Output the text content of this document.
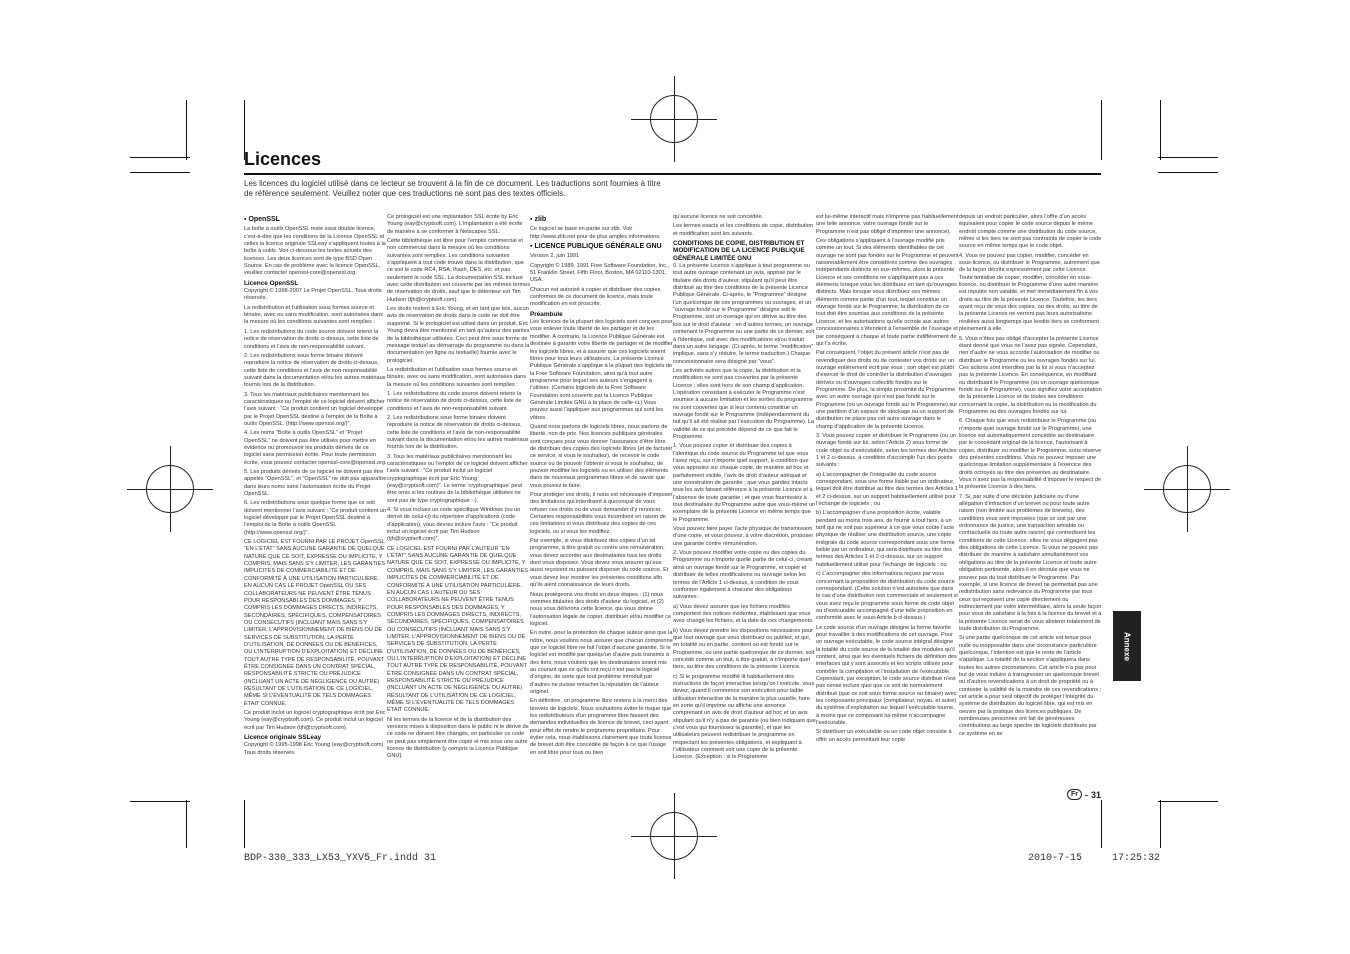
Licences

Les licences du logiciel utilisé dans ce lecteur se trouvent à la fin de ce document. Les traductions sont fournies à titre de référence seulement. Veuillez noter que ces traductions ne sont pas des textes officiels.

▪ OpenSSL

La boîte à outils OpenSSL reste sous double licence, c’est-à-dire que les conditions de la Licence OpenSSL et celles la licence originale SSLeay s’appliquent toutes à la boîte à outils. Voir ci-dessous les textes actuels des licences. Les deux licences sont de type BSD Open Source. En cas de problème avec la licence OpenSSL, veuillez contacter openssl-core@openssl.org.

Licence OpenSSL

Copyright © 1998-2007 Le Projet OpenSSL. Tous droits réservés.

La redistribution et l’utilisation sous formes source et binaire, avec ou sans modification, sont autorisées dans la mesure où les conditions suivantes sont remplies :

1. Les redistributions du code source doivent retenir la notice de réservation de droits ci-dessus, cette liste de conditions et l’avis de non-responsabilité suivant.

2. Les redistributions sous forme binaire doivent reproduire la notice de réservation de droits ci-dessus, cette liste de conditions et l’avis de non-responsabilité suivant dans la documentation et/ou les autres matériaux fournis lors de la distribution.

3. Tous les matériaux publicitaires mentionnant les caractéristiques ou l’emploi de ce logiciel doivent afficher l’avis suivant : “Ce produit contient un logiciel développé par le Projet OpenSSL destiné à l’emploi de la Boîte à outils OpenSSL. (http://www.openssl.org/)”.

4. Les noms “Boîte à outils OpenSSL” et “Projet OpenSSL” ne doivent pas être utilisés pour mettre en évidence ou promouvoir les produits dérivés de ce logiciel sans permission écrite. Pour toute permission écrite, vous pouvez contacter openssl-core@openssl.org.

5. Les produits dérivés de ce logiciel ne doivent pas être appelés “OpenSSL”, et “OpenSSL” ne doit pas apparaître dans leurs noms sans l’autorisation écrite du Projet OpenSSL.

6. Les redistributions sous quelque forme que ce soit doivent mentionner l’avis suivant : “Ce produit contient un logiciel développé par le Projet OpenSSL destiné à l’emploi de la Boîte à outils OpenSSL (http://www.openssl.org/)”.

CE LOGICIEL EST FOURNI PAR LE PROJET OpenSSL “EN L’ETAT” SANS AUCUNE GARANTIE DE QUELQUE NATURE QUE CE SOIT, EXPRESSE OU IMPLICITE, Y COMPRIS, MAIS SANS S’Y LIMITER, LES GARANTIES IMPLICITES DE COMMERCIABILITÉ ET DE CONFORMITÉ À UNE UTILISATION PARTICULIÈRE. EN AUCUN CAS LE PROJET OpenSSL OU SES COLLABORATEURS NE PEUVENT ÊTRE TENUS POUR RESPONSABLES DES DOMMAGES, Y COMPRIS LES DOMMAGES DIRECTS, INDIRECTS, SECONDAIRES, SPÉCIFIQUES, COMPENSATOIRES OU CONSÉCUTIFS (INCLUANT MAIS SANS S’Y LIMITER, L’APPROVISIONNEMENT DE BIENS OU DE SERVICES DE SUBSTITUTION, LA PERTE D’UTILISATION, DE DONNÉES OU DE BÉNÉFICES, OU L’INTERRUPTION D’EXPLOITATION) ET DÉCLINE TOUT AUTRE TYPE DE RESPONSABILITÉ, POUVANT ÊTRE CONSIGNÉE DANS UN CONTRAT SPÉCIAL, RESPONSABILITÉ STRICTE OU PRÉJUDICE (INCLUANT UN ACTE DE NÉGLIGENCE OU AUTRE) RÉSULTANT DE L’UTILISATION DE CE LOGICIEL, MÊME SI L’ÉVENTUALITÉ DE TELS DOMMAGES ÉTAIT CONNUE.

Ce produit inclut un logiciel cryptographique écrit par Eric Young (eay@cryptsoft.com). Ce produit inclut un logiciel écrit par Tim Hudson (tjh@cryptsoft.com).

Licence originale SSLeay

Copyright © 1995-1998 Eric Young (eay@cryptsoft.com) Tous droits réservés.

Ce prologiciel est une implantation SSL écrite by Eric Young (eay@cryptsoft.com). L’implantation a été écrite de manière à se conformer à Netscapes SSL.

Cette bibliothèque est libre pour l’emploi commercial et non commercial dans la mesure où les conditions suivantes sont remplies. Les conditions suivantes s’appliquent à tout code trouvé dans la distribution, que ce soit le code RC4, RSA, lhash, DES, etc. et pas seulement le code SSL. La documentation SSL incluse avec cette distribution est couverte par les mêmes termes de réservation de droits, sauf que le détenteur est Tim Hudson (tjh@cryptsoft.com).

Les droits restent à Eric Young, et en tant que tels, aucun avis de réservation de droits dans le code ne doit être supprimé. Si le prologiciel est utilisé dans un produit, Eric Young devra être mentionné en tant qu’auteur des parties de la bibliothèque utilisées. Ceci peut être sous forme de message textuel au démarrage du programme ou dans la documentation (en ligne ou textuelle) fournie avec le prologiciel.

La redistribution et l’utilisation sous formes source et binaire, avec ou sans modification, sont autorisées dans la mesure où les conditions suivantes sont remplies :

1. Les redistributions du code source doivent retenir la notice de réservation de droits ci-dessus, cette liste de conditions et l’avis de non-responsabilité suivant.

2. Les redistributions sous forme binaire doivent reproduire la notice de réservation de droits ci-dessus, cette liste de conditions et l’avis de non-responsabilité suivant dans la documentation et/ou les autres matériaux fournis lors de la distribution.

3. Tous les matériaux publicitaires mentionnant les caractéristiques ou l’emploi de ce logiciel doivent afficher l’avis suivant : “Ce produit inclut un logiciel cryptographique écrit par Eric Young (eay@cryptsoft.com)”. Le terme ‘cryptographique’ peut être omis si les routines de la bibliothèque utilisées ne sont pas de type cryptographique :-).

4. Si vous incluez un code spécifique Windows (ou un dérivé de celui-ci) du répertoire d’applications (code d’application), vous devrez inclure l’avis : “Ce produit inclut un logiciel écrit par Tim Hudson (tjh@cryptsoft.com)”.

CE LOGICIEL EST FOURNI PAR L’AUTEUR “EN L’ÉTAT” SANS AUCUNE GARANTIE DE QUELQUE NATURE QUE CE SOIT, EXPRESSE OU IMPLICITE, Y COMPRIS, MAIS SANS S’Y LIMITER, LES GARANTIES IMPLICITES DE COMMERCIABILITÉ ET DE CONFORMITÉ À UNE UTILISATION PARTICULIÈRE. EN AUCUN CAS L’AUTEUR OU SES COLLABORATEURS NE PEUVENT ÊTRE TENUS POUR RESPONSABLES DES DOMMAGES, Y COMPRIS LES DOMMAGES DIRECTS, INDIRECTS, SECONDAIRES, SPÉCIFIQUES, COMPENSATOIRES OU CONSÉCUTIFS (INCLUANT MAIS SANS S’Y LIMITER, L’APPROVISIONNEMENT DE BIENS OU DE SERVICES DE SUBSTITUTION, LA PERTE D’UTILISATION, DE DONNÉES OU DE BÉNÉFICES, OU L’INTERRUPTION D’EXPLOITATION) ET DÉCLINE TOUT AUTRE TYPE DE RESPONSABILITÉ, POUVANT ÊTRE CONSIGNÉE DANS UN CONTRAT SPÉCIAL, RESPONSABILITÉ STRICTE OU PRÉJUDICE (INCLUANT UN ACTE DE NÉGLIGENCE OU AUTRE) RÉSULTANT DE L’UTILISATION DE CE LOGICIEL, MÊME SI L’ÉVENTUALITÉ DE TELS DOMMAGES ÉTAIT CONNUE.

Ni les termes de la licence et de la distribution des versions mises à disposition dans le public ni le dérivé de ce code ne doivent être changés, en particulier ce code ne peut pas simplement être copié et mis sous une autre licence de distribution [y compris la Licence Publique GNU].

▪ zlib

Ce logiciel se base en partie sur zlib. Voir http://www.zlib.net pour de plus amples informations.

▪ LICENCE PUBLIQUE GÉNÉRALE GNU

Version 2, juin 1991

Copyright © 1989, 1991 Free Software Foundation, Inc., 51 Franklin Street, Fifth Floor, Boston, MA 02110-1301, USA.

Chacun est autorisé à copier et distribuer des copies conformes de ce document de licence, mais toute modification en est proscrite.

Préambule

Les licences de la plupart des logiciels sont conçues pour vous enlever toute liberté de les partager et de les modifier. A contrario, la Licence Publique Générale est destinée à garantir votre liberté de partager et de modifier les logiciels libres, et à assurer que ces logiciels soient libres pour tous leurs utilisateurs. La présente Licence Publique Générale s’applique à la plupart des logiciels de la Free Software Foundation, ainsi qu’à tout autre programme pour lequel ses auteurs s’engagent à l’utiliser. (Certains logiciels de la Free Software Foundation sont couverts par la Licence Publique Générale Limitée GNU à la place de celle-ci.) Vous pouvez aussi l’appliquer aux programmes qui sont les vôtres.

Quand nous parlons de logiciels libres, nous parlons de liberté, non de prix. Nos licences publiques générales sont conçues pour vous donner l’assurance d’être libre de distribuer des copies des logiciels libres (et de facturer ce service, si vous le souhaitez), de recevoir le code source ou de pouvoir l’obtenir si vous le souhaitez, de pouvoir modifier les logiciels ou en utiliser des éléments dans de nouveaux programmes libres et de savoir que vous pouvez le faire.

Pour protéger vos droits, il nous est nécessaire d’imposer des limitations qui interdisent à quiconque de vous refuser ces droits ou de vous demander d’y renoncer. Certaines responsabilités vous incombent en raison de ces limitations si vous distribuez des copies de ces logiciels, ou si vous les modifiez.

Par exemple, si vous distribuez des copies d’un tel programme, à titre gratuit ou contre une rémunération, vous devez accorder aux destinataires tous les droits dont vous disposez. Vous devez vous assurer qu’eux aussi reçoivent ou puissent disposer du code source. Et vous devez leur montrer les présentes conditions afin qu’ils aient connaissance de leurs droits.

Nous protégeons vos droits en deux étapes : (1) nous sommes titulaires des droits d’auteur du logiciel, et (2) nous vous délivrons cette licence, qui vous donne l’autorisation légale de copier, distribuer et/ou modifier ce logiciel.

En outre, pour la protection de chaque auteur ainsi que la nôtre, nous voulons nous assurer que chacun comprenne que ce logiciel libre ne fait l’objet d’aucune garantie. Si le logiciel est modifié par quelqu’un d’autre puis transmis à des tiers, nous voulons que les destinataires soient mis au courant que ce qu’ils ont reçu n’est pas le logiciel d’origine, de sorte que tout problème introduit par d’autres ne puisse entacher la réputation de l’auteur originel.

En définitive, un programme libre restera à la merci des brevets de logiciels. Nous souhaitons éviter le risque que les redistributeurs d’un programme libre fassent des demandes individuelles de licence de brevet, ceci ayant pour effet de rendre le programme propriétaire. Pour éviter cela, nous établissons clairement que toute licence de brevet doit être concédée de façon à ce que l’usage en soit libre pour tous ou bien

qu’aucune licence ne soit concédée.

Les termes exacts et les conditions de copie, distribution et modification sont les suivants.

CONDITIONS DE COPIE, DISTRIBUTION ET MODIFICATION DE LA LICENCE PUBLIQUE GÉNÉRALE LIMITÉE GNU

0. La présente Licence s’applique à tout programme ou tout autre ouvrage contenant un avis, apposé par le titulaire des droits d’auteur, stipulant qu’il peut être distribué au titre des conditions de la présente Licence Publique Générale. Ci-après, le “Programme” désigne l’un quelconque de ces programmes ou ouvrages, et un “ouvrage fondé sur le Programme” désigne soit le Programme, soit un ouvrage qui en dérive au titre des lois sur le droit d’auteur : en d’autres termes, un ouvrage contenant le Programme ou une partie de ce dernier, soit à l’identique, soit avec des modifications et/ou traduit dans un autre langage. (Ci-après, le terme “modification” implique, sans s’y réduire, le terme traduction.) Chaque concessionnaire sera désigné par “vous”.

Les activités autres que la copie, la distribution et la modification ne sont pas couvertes par la présente Licence ; elles sont hors de son champ d’application. L’opération consistant à exécuter le Programme n’est soumise à aucune limitation et les sorties du programme ne sont couvertes que si leur contenu constitue un ouvrage fondé sur le Programme (indépendamment du fait qu’il ait été réalisé par l’exécution du Programme). La validité de ce qui précède dépend de ce que fait le Programme.

1. Vous pouvez copier et distribuer des copies à l’identique du code source du Programme tel que vous l’avez reçu, sur n’importe quel support, à condition que vous apposiez sur chaque copie, de manière ad hoc et parfaitement visible, l’avis de droit d’auteur adéquat et une exonération de garantie ; que vous gardiez intacts tous les avis faisant référence à la présente Licence et à l’absence de toute garantie ; et que vous fournissiez à tout destinataire du Programme autre que vous-même un exemplaire de la présente Licence en même temps que le Programme.

Vous pouvez faire payer l’acte physique de transmission d’une copie, et vous pouvez, à votre discrétion, proposer une garantie contre rémunération.

2. Vous pouvez modifier votre copie ou des copies du Programme ou n’importe quelle partie de celui-ci, créant ainsi un ouvrage fondé sur le Programme, et copier et distribuer de telles modifications ou ouvrage selon les termes de l’Article 1 ci-dessus, à condition de vous conformer également à chacune des obligations suivantes :

a) Vous devez assurer que les fichiers modifiés comportent des notices évidentes, établissant que vous avez changé les fichiers, et la date de ces changements.

b) Vous devez prendre les dispositions nécessaires pour que tout ouvrage que vous distribuez ou publiez, et qui, en totalité ou en partie, contient ou est fondé sur le Programme, ou une partie quelconque de ce dernier, soit concédé comme un tout, à titre gratuit, à n’importe quel tiers, au titre des conditions de la présente Licence.

c) Si le programme modifié lit habituellement des instructions de façon interactive lorsqu’on l’exécute, vous devez, quand il commence son exécution pour ladite utilisation interactive de la manière la plus usuelle, faire en sorte qu’il imprime ou affiche une annonce comprenant un avis de droit d’auteur ad hoc et un avis stipulant qu’il n’y a pas de garantie (ou bien indiquant que c’est vous qui fournissez la garantie), et que les utilisateurs peuvent redistribuer le programme en respectant les présentes obligations, et expliquant à l’utilisateur comment voir une copie de la présente Licence. (Exception : si le Programme

est lui-même interactif mais n’imprime pas habituellement une telle annonce, votre ouvrage fondé sur le Programme n’est pas obligé d’imprimer une annonce).

Ces obligations s’appliquent à l’ouvrage modifié pris comme un tout. Si des éléments identifiables de cet ouvrage ne sont pas fondés sur le Programme et peuvent raisonnablement être considérés comme des ouvrages indépendants distincts en eux-mêmes, alors la présente Licence et ses conditions ne s’appliquent pas à ces éléments lorsque vous les distribuez en tant qu’ouvrages distincts. Mais lorsque vous distribuez ces mêmes éléments comme partie d’un tout, lequel constitue un ouvrage fondé sur le Programme, la distribution de ce tout doit être soumise aux conditions de la présente Licence, et les autorisations qu’elle octroie aux autres concessionnaires s’étendent à l’ensemble de l’ouvrage et par conséquent à chaque et toute partie indifférement de qui l’a écrite.

Par conséquent, l’objet du présent article n’est pas de revendiquer des droits ou de contester vos droits sur un ouvrage entièrement écrit par vous ; son objet est plutôt d’exercer le droit de contrôler la distribution d’ouvrages dérivés ou d’ouvrages collectifs fondés sur le Programme. De plus, la simple proximité du Programme avec un autre ouvrage qui n’est pas fondé sur le Programme (ou un ouvrage fondé sur le Programme) sur une partition d’un espace de stockage ou un support de distribution ne place pas cet autre ouvrage dans le champ d’application de la présente Licence.

3. Vous pouvez copier et distribuer le Programme (ou un ouvrage fondé sur lui, selon l’Article 2) sous forme de code objet ou d’exécutable, selon les termes des Articles 1 et 2 ci-dessus, à condition d’accomplir l’un des points suivants :

a) L’accompagner de l’intégralité du code source correspondant, sous une forme lisible par un ordinateur, lequel doit être distribué au titre des termes des Articles 1 et 2 ci-dessus, sur un support habituellement utilisé pour l’échange de logiciels ; ou

b) L’accompagner d’une proposition écrite, valable pendant au moins trois ans, de fournir à tout tiers, à un tarif qui ne soit pas supérieur à ce que vous coûte l’acte physique de réaliser une distribution source, une copie intégrale du code source correspondant sous une forme lisible par un ordinateur, qui sera distribuée au titre des termes des Articles 1 et 2 ci-dessus, sur un support habituellement utilisé pour l’échange de logiciels ; ou

c) L’accompagner des informations reçues par vous concernant la proposition de distribution du code source correspondant. (Cette solution n’est autorisée que dans le cas d’une distribution non commerciale et seulement si vous avez reçu le programme sous forme de code objet ou d’exécutable accompagné d’une telle proposition en conformité avec le sous-Article b ci-dessus.)

Le code source d’un ouvrage désigne la forme favorite pour travailler à des modifications de cet ouvrage. Pour un ouvrage exécutable, le code source intégral désigne la totalité du code source de la totalité des modules qu’il contient, ainsi que les éventuels fichiers de définition des interfaces qui y sont associés et les scripts utilisés pour contrôler la compilation et l’installation de l’exécutable. Cependant, par exception, le code source distribué n’est pas censé inclure quoi que ce soit de normalement distribué (que ce soit sous forme source ou binaire) avec les composants principaux (compilateur, noyau, et autre) du système d’exploitation sur lequel l’exécutable tourne, à moins que ce composant lui-même n’accompagne l’exécutable.

Si distribuer un exécutable ou un code objet consiste à offrir un accès permettant leur copie

depuis un endroit particulier, alors l’offre d’un accès équivalent pour copier le code source depuis le même endroit compte comme une distribution du code source, même si les tiers ne sont pas contraints de copier le code source en même temps que le code objet.

4. Vous ne pouvez pas copier, modifier, concéder en sous-licence, ou distribuer le Programme, autrement que de la façon décrite expressément par cette Licence. Toute tentative de copier, modifier, concéder en sous-licence, ou distribuer le Programme d’une autre manière est réputée non valable, et met immédiatement fin à vos droits au titre de la présente Licence. Toutefois, les tiers ayant reçu de vous des copies, ou des droits, au titre de la présente Licence ne verront pas leurs autorisations résiliées aussi longtemps que lesdits tiers se conforment pleinement à elle.

5. Vous n’êtes pas obligé d’accepter la présente Licence étant donné que vous ne l’avez pas signée. Cependant, rien d’autre ne vous accorde l’autorisation de modifier ou distribuer le Programme ou les ouvrages fondés sur lui. Ces actions sont interdites par la loi si vous n’acceptez pas la présente Licence. En conséquence, en modifiant ou distribuant le Programme (ou un ouvrage quelconque fondé sur le Programme), vous signifiez votre acceptation de la présente Licence et de toutes ses conditions concernant la copie, la distribution ou la modification du Programme ou des ouvrages fondés sur lui.

6. Chaque fois que vous redistribuez le Programme (ou n’importe quel ouvrage fondé sur le Programme), une licence est automatiquement concédée au destinataire par le concédant original de la licence, l’autorisant à copier, distribuer ou modifier le Programme, sous réserve des présentes conditions. Vous ne pouvez imposer une quelconque limitation supplémentaire à l’exercice des droits octroyés au titre des présentes au destinataire. Vous n’avez pas la responsabilité d’imposer le respect de la présente Licence à des tiers.

7. Si, par suite d’une décision judiciaire ou d’une allégation d’infraction d’un brevet ou pour toute autre raison (non limitée aux problèmes de brevets), des conditions vous sont imposées (que ce soit par une ordonnance de justice, une transaction amiable ou contractuelle ou toute autre raison) qui contredisent les conditions de cette Licence, elles ne vous dégagent pas des obligations de cette Licence. Si vous ne pouvez pas distribuer de manière à satisfaire simultanément vos obligations au titre de la présente Licence et toute autre obligation pertinente, alors il en découle que vous ne pouvez pas du tout distribuer le Programme. Par exemple, si une licence de brevet ne permettait pas une redistribution sans redevance du Programme par tous ceux qui reçoivent une copie directement ou indirectement par votre intermédiaire, alors la seule façon pour vous de satisfaire à la fois à la licence du brevet et à la présente Licence serait de vous abstenir totalement de toute distribution du Programme.

Si une partie quelconque de cet article est tenue pour nulle ou inopposable dans une circonstance particulière quelconque, l’intention est que le reste de l’article s’applique. La totalité de la section s’appliquera dans toutes les autres circonstances. Cet article n’a pas pour but de vous induire à transgresser un quelconque brevet ou d’autres revendications à un droit de propriété ou à contester la validité de la moindre de ces revendications ; cet article a pour seul objectif de protéger l’intégrité du système de distribution du logiciel libre, qui est mis en oeuvre par la pratique des licences publiques. De nombreuses personnes ont fait de généreuses contributions au large spectre de logiciels distribués par ce système en se

Annexe
Fr - 31
BDP-330_333_LX53_YXV5_Fr.indd 31	2010-7-15	17:25:32
